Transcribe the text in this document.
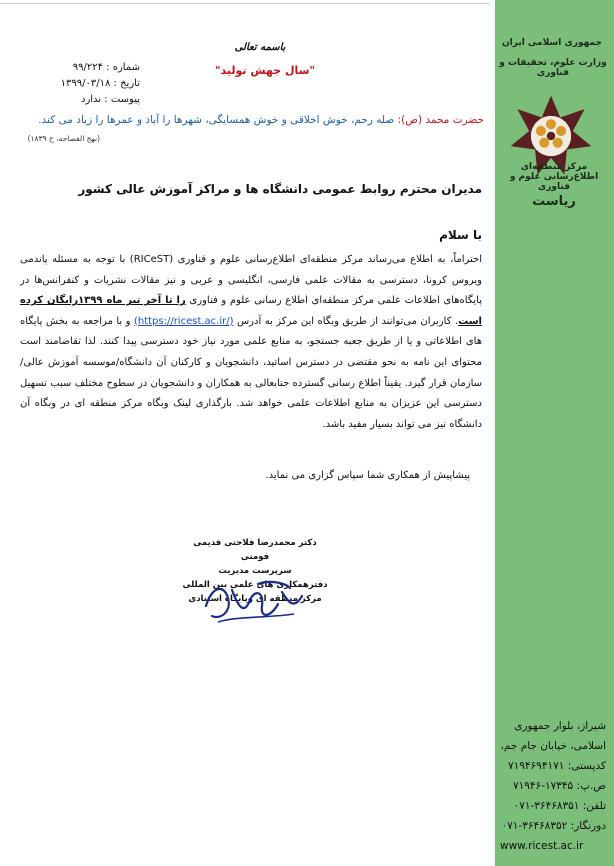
باسمه تعالی
"سال جهش تولید"
شماره : ۹۹/۲۲۴
تاریخ : ۱۳۹۹/۰۳/۱۸
پیوست : ندارد
حضرت محمد (ص): صله رحم، خوش اخلاقی و خوش همسایگی، شهرها را آباد و عمرها را زیاد می کند.
(نهج الفصاحه، ح ۱۸۳۹)
مدیران محترم روابط عمومی دانشگاه ها و مراکز آموزش عالی کشور
با سلام
احتراماً، به اطلاع می‌رساند مرکز منطقه‌ای اطلاع‌رسانی علوم و فناوری (RICeST) با توجه به مسئله پاندمی ویروس کرونا، دسترسی به مقالات علمی فارسی، انگلیسی و عربی و نیز مقالات نشریات و کنفرانس‌ها در پایگاه‌های اطلاعات علمی مرکز منطقه‌ای اطلاع رسانی علوم و فناوری را تا آخر تیر ماه ۱۳۹۹رایگان کرده است. کاربران می‌توانند از طریق وبگاه این مرکز به آدرس (https://ricest.ac.ir/) و با مراجعه به بخش پایگاه های اطلاعاتی و یا از طریق جعبه جستجو، به منابع علمی مورد نیاز خود دسترسی پیدا کنند. لذا تقاضامند است محتوای این نامه به نحو مقتضی در دسترس اساتید، دانشجویان و کارکنان آن دانشگاه/موسسه آموزش عالی/سازمان قرار گیرد. یقیناً اطلاع رسانی گسترده جتابعالی به همکاران و دانشجویان در سطوح مختلف سبب تسهیل دسترسی این عزیزان به منابع اطلاعات علمی خواهد شد. بارگذاری لینک وبگاه مرکز منطقه ای در وبگاه آن دانشگاه نیز می تواند بسیار مفید باشد.
پیشاپیش از همکاری شما سپاس گزاری می نماید.
دکتر محمدرضا فلاحتی قدیمی فومنی
سرپرست مدیریت
دفترهمکاری های علمی بین المللی
مرکز منطقه ای وپایگاه استنادی
جمهوری اسلامی ایران
وزارت علوم، تحقیقات و فناوری
مرکز منطقه‌ای اطلاع‌رسانی علوم و فناوری
ریاست
شیراز، بلوار جمهوری
اسلامی، خیابان جام جم،
کدپستی: ۷۱۹۴۶۹۴۱۷۱
ص.پ: ۱۷۳۴۵-۷۱۹۴۶
تلفن: ۳۶۴۶۸۳۵۱-۰۷۱
دورنگار: ۳۶۴۶۸۳۵۲-۰۷۱
www.ricest.ac.ir
